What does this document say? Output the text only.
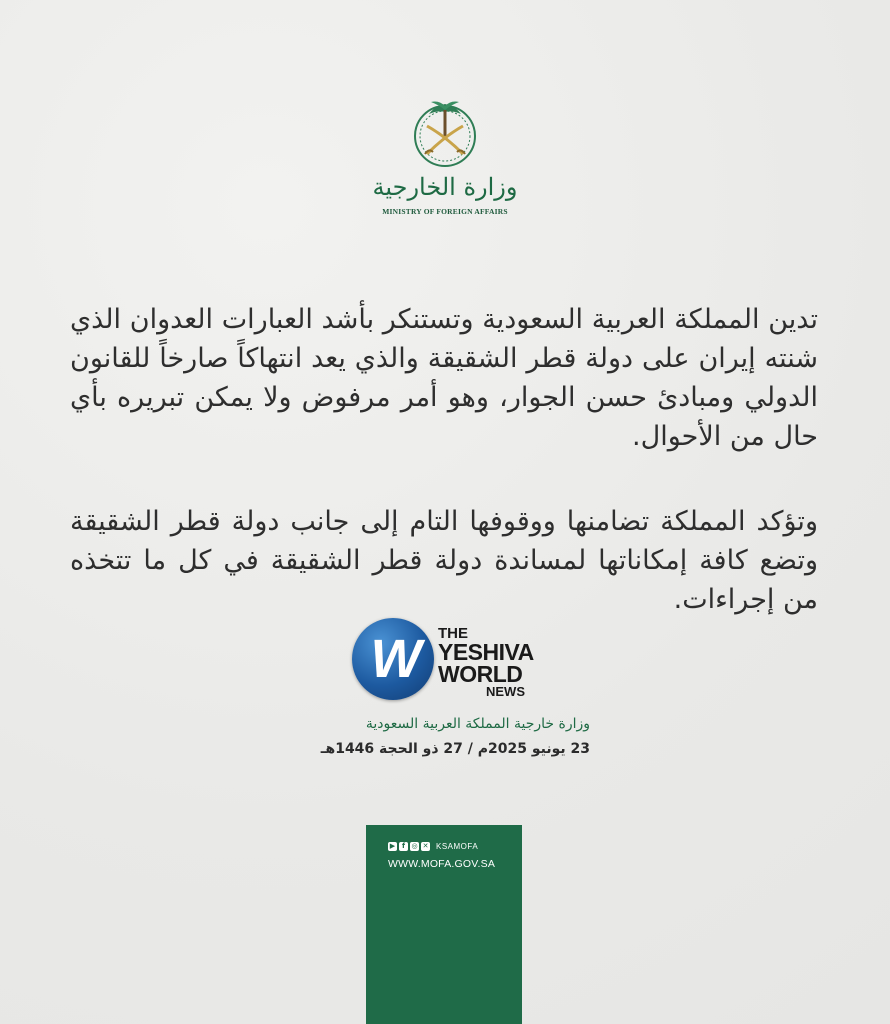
وزارة الخارجية
MINISTRY OF FOREIGN AFFAIRS
تدين المملكة العربية السعودية وتستنكر بأشد العبارات العدوان الذي شنته إيران على دولة قطر الشقيقة والذي يعد انتهاكاً صارخاً للقانون الدولي ومبادئ حسن الجوار، وهو أمر مرفوض ولا يمكن تبريره بأي حال من الأحوال.
وتؤكد المملكة تضامنها ووقوفها التام إلى جانب دولة قطر الشقيقة وتضع كافة إمكاناتها لمساندة دولة قطر الشقيقة في كل ما تتخذه من إجراءات.
W	THE
YESHIVA
WORLD
NEWS
وزارة خارجية المملكة العربية السعودية
23 يونيو 2025م / 27 ذو الحجة 1446هـ
▶ f ◎ ✕ KSAMOFA
WWW.MOFA.GOV.SA
